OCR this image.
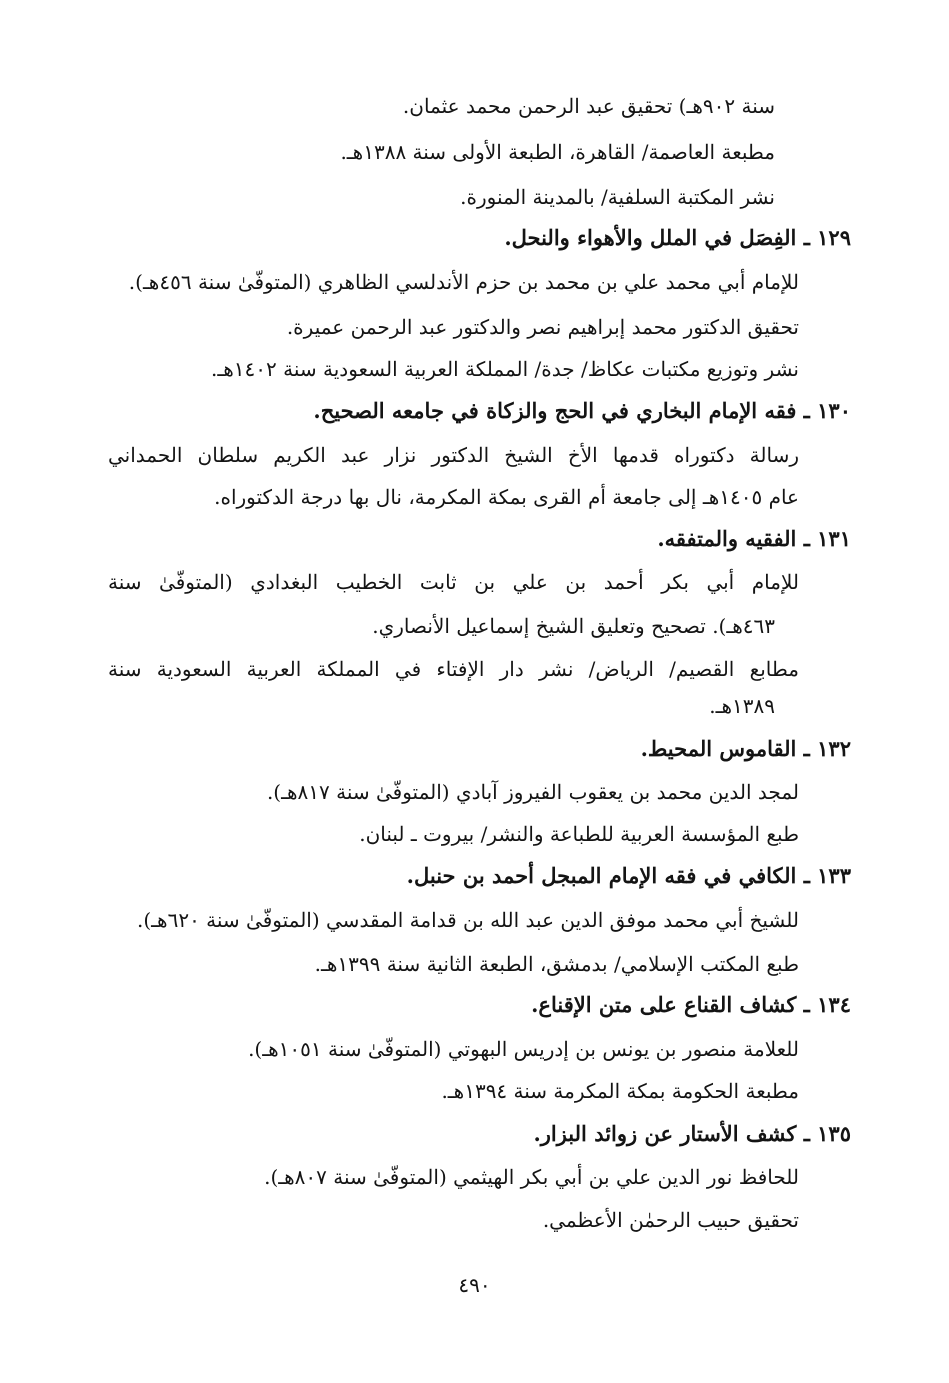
سنة ٩٠٢هـ) تحقيق عبد الرحمن محمد عثمان.
مطبعة العاصمة/ القاهرة، الطبعة الأولى سنة ١٣٨٨هـ.
نشر المكتبة السلفية/ بالمدينة المنورة.
١٢٩ ـ الفِصَل في الملل والأهواء والنحل.
للإمام أبي محمد علي بن محمد بن حزم الأندلسي الظاهري (المتوفّىٰ سنة ٤٥٦هـ).
تحقيق الدكتور محمد إبراهيم نصر والدكتور عبد الرحمن عميرة.
نشر وتوزيع مكتبات عكاظ/ جدة/ المملكة العربية السعودية سنة ١٤٠٢هـ.
١٣٠ ـ فقه الإمام البخاري في الحج والزكاة في جامعه الصحيح.
رسالة دكتوراه قدمها الأخ الشيخ الدكتور نزار عبد الكريم سلطان الحمداني
عام ١٤٠٥هـ إلى جامعة أم القرى بمكة المكرمة، نال بها درجة الدكتوراه.
١٣١ ـ الفقيه والمتفقه.
للإمام أبي بكر أحمد بن علي بن ثابت الخطيب البغدادي (المتوفّىٰ سنة
٤٦٣هـ). تصحيح وتعليق الشيخ إسماعيل الأنصاري.
مطابع القصيم/ الرياض/ نشر دار الإفتاء في المملكة العربية السعودية سنة
١٣٨٩هـ.
١٣٢ ـ القاموس المحيط.
لمجد الدين محمد بن يعقوب الفيروز آبادي (المتوفّىٰ سنة ٨١٧هـ).
طبع المؤسسة العربية للطباعة والنشر/ بيروت ـ لبنان.
١٣٣ ـ الكافي في فقه الإمام المبجل أحمد بن حنبل.
للشيخ أبي محمد موفق الدين عبد الله بن قدامة المقدسي (المتوفّىٰ سنة ٦٢٠هـ).
طبع المكتب الإسلامي/ بدمشق، الطبعة الثانية سنة ١٣٩٩هـ.
١٣٤ ـ كشاف القناع على متن الإقناع.
للعلامة منصور بن يونس بن إدريس البهوتي (المتوفّىٰ سنة ١٠٥١هـ).
مطبعة الحكومة بمكة المكرمة سنة ١٣٩٤هـ.
١٣٥ ـ كشف الأستار عن زوائد البزار.
للحافظ نور الدين علي بن أبي بكر الهيثمي (المتوفّىٰ سنة ٨٠٧هـ).
تحقيق حبيب الرحمٰن الأعظمي.
٤٩٠
